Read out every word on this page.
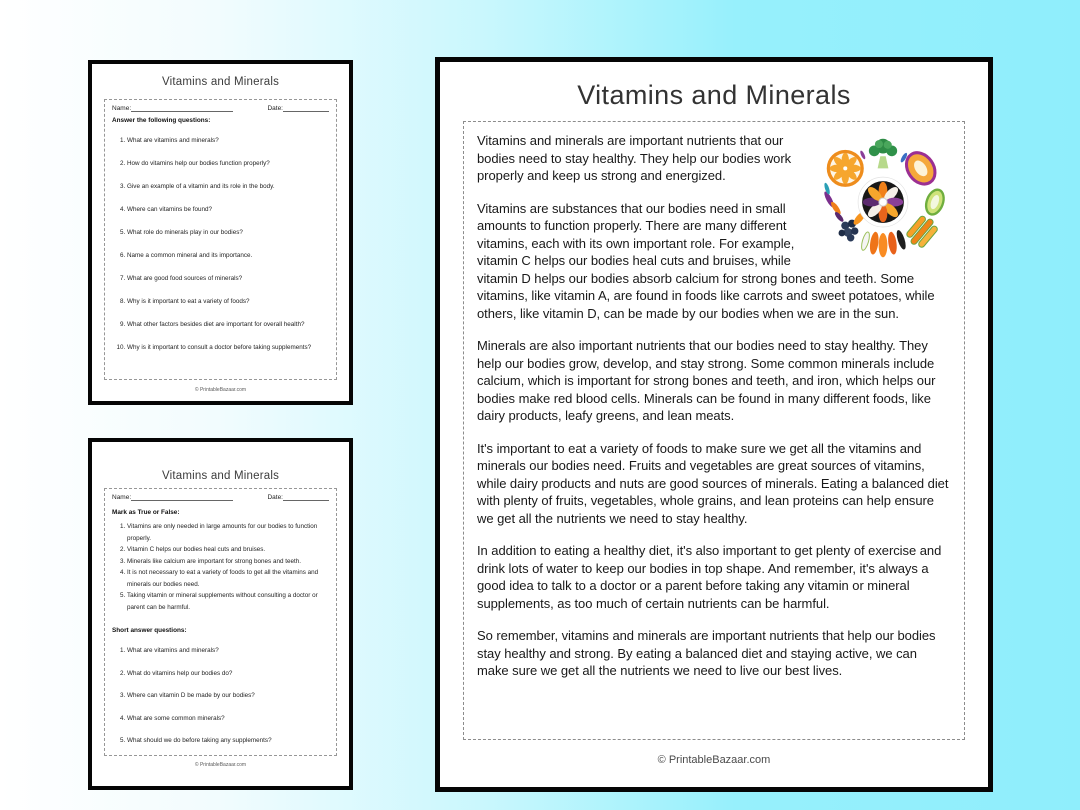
Vitamins and Minerals
Name:	Date:
Answer the following questions:
1. What are vitamins and minerals?
2. How do vitamins help our bodies function properly?
3. Give an example of a vitamin and its role in the body.
4. Where can vitamins be found?
5. What role do minerals play in our bodies?
6. Name a common mineral and its importance.
7. What are good food sources of minerals?
8. Why is it important to eat a variety of foods?
9. What other factors besides diet are important for overall health?
10. Why is it important to consult a doctor before taking supplements?
© PrintableBazaar.com
Vitamins and Minerals
Name:	Date:
Mark as True or False:
1. Vitamins are only needed in large amounts for our bodies to function properly.
2. Vitamin C helps our bodies heal cuts and bruises.
3. Minerals like calcium are important for strong bones and teeth.
4. It is not necessary to eat a variety of foods to get all the vitamins and minerals our bodies need.
5. Taking vitamin or mineral supplements without consulting a doctor or parent can be harmful.
Short answer questions:
1. What are vitamins and minerals?
2. What do vitamins help our bodies do?
3. Where can vitamin D be made by our bodies?
4. What are some common minerals?
5. What should we do before taking any supplements?
© PrintableBazaar.com
Vitamins and Minerals

Vitamins and minerals are important nutrients that our bodies need to stay healthy. They help our bodies work properly and keep us strong and energized.

Vitamins are substances that our bodies need in small amounts to function properly. There are many different vitamins, each with its own important role. For example, vitamin C helps our bodies heal cuts and bruises, while vitamin D helps our bodies absorb calcium for strong bones and teeth. Some vitamins, like vitamin A, are found in foods like carrots and sweet potatoes, while others, like vitamin D, can be made by our bodies when we are in the sun.

Minerals are also important nutrients that our bodies need to stay healthy. They help our bodies grow, develop, and stay strong. Some common minerals include calcium, which is important for strong bones and teeth, and iron, which helps our bodies make red blood cells. Minerals can be found in many different foods, like dairy products, leafy greens, and lean meats.

It's important to eat a variety of foods to make sure we get all the vitamins and minerals our bodies need. Fruits and vegetables are great sources of vitamins, while dairy products and nuts are good sources of minerals. Eating a balanced diet with plenty of fruits, vegetables, whole grains, and lean proteins can help ensure we get all the nutrients we need to stay healthy.

In addition to eating a healthy diet, it's also important to get plenty of exercise and drink lots of water to keep our bodies in top shape. And remember, it's always a good idea to talk to a doctor or a parent before taking any vitamin or mineral supplements, as too much of certain nutrients can be harmful.

So remember, vitamins and minerals are important nutrients that help our bodies stay healthy and strong. By eating a balanced diet and staying active, we can make sure we get all the nutrients we need to live our best lives.

© PrintableBazaar.com
